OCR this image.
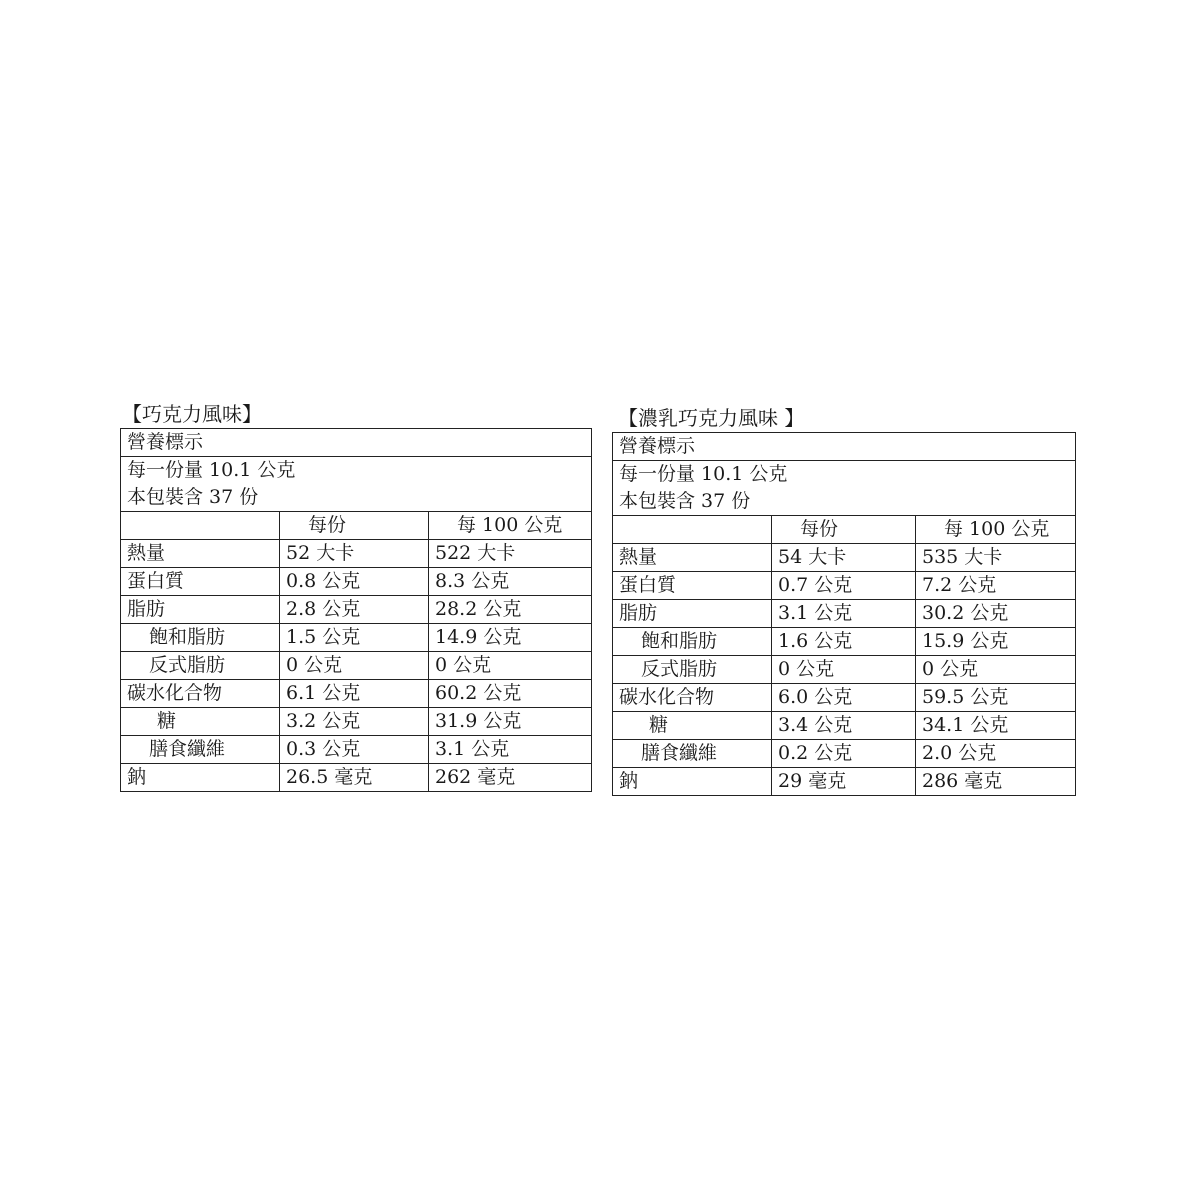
【巧克力風味】
營養標示		
每一份量 10.1 公克		
本包裝含 37 份		
	每份	每 100 公克
熱量	52 大卡	522 大卡
蛋白質	0.8 公克	8.3 公克
脂肪	2.8 公克	28.2 公克
飽和脂肪	1.5 公克	14.9 公克
反式脂肪	0 公克	0 公克
碳水化合物	6.1 公克	60.2 公克
糖	3.2 公克	31.9 公克
膳食纖維	0.3 公克	3.1 公克
鈉	26.5 毫克	262 毫克
【濃乳巧克力風味 】
營養標示		
每一份量 10.1 公克		
本包裝含 37 份		
	每份	每 100 公克
熱量	54 大卡	535 大卡
蛋白質	0.7 公克	7.2 公克
脂肪	3.1 公克	30.2 公克
飽和脂肪	1.6 公克	15.9 公克
反式脂肪	0 公克	0 公克
碳水化合物	6.0 公克	59.5 公克
糖	3.4 公克	34.1 公克
膳食纖維	0.2 公克	2.0 公克
鈉	29 毫克	286 毫克
